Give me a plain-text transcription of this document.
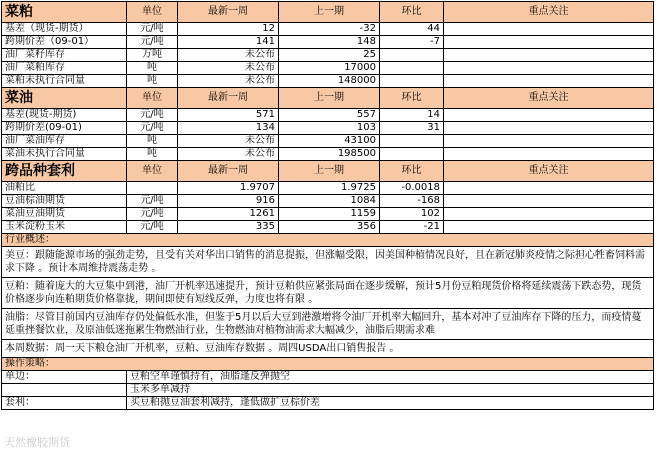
菜粕	单位	最新一周	上一期	环比	重点关注
基差（现货-期货）	元/吨	12	-32	44	
跨期价差（09-01）	元/吨	141	148	-7	
油厂菜籽库存	万吨	未公布	25		
油厂菜粕库存	吨	未公布	17000		
菜粕未执行合同量	吨	未公布	148000		
菜油	单位	最新一周	上一期	环比	重点关注
基差(现货-期货)	元/吨	571	557	14	
跨期价差(09-01)	元/吨	134	103	31	
油厂菜油库存	吨	未公布	43100		
菜油未执行合同量	吨	未公布	198500		
跨品种套利	单位	最新一周	上一期	环比	重点关注
油粕比		1.9707	1.9725	-0.0018	
豆油棕油期货	元/吨	916	1084	-168	
菜油豆油期货	元/吨	1261	1159	102	
玉米淀粉玉米	元/吨	335	356	-21	
行业概述：					
美豆：跟随能源市场的强劲走势，且受有关对华出口销售的消息提振，但涨幅受限，因美国种植情况良好，且在新冠肺炎疫情之际担心牲畜饲料需求下降 。预计本周维持震荡走势 。					
豆粕：随着庞大的大豆集中到港，油厂开机率迅速提升，预计豆粕供应紧张局面在逐步缓解，预计5月份豆粕现货价格将延续震荡下跌态势，现货价格逐步向连粕期货价格靠拢，期间即使有短线反弹，力度也将有限 。					
油脂：尽管目前国内豆油库存仍处偏低水准，但鉴于5月以后大豆到港激增将令油厂开机率大幅回升，基本对冲了豆油库存下降的压力，而疫情蔓延重挫餐饮业，及原油低迷拖累生物燃油行业，生物燃油对植物油需求大幅减少，油脂后期需求难					
本周数据：周一天下粮仓油厂开机率，豆粕、豆油库存数据 。周四USDA出口销售报告 。					
操作策略：					
单边：	豆粕空单谨慎持有，油脂逢反弹抛空				
	玉米多单减持				
套利：	买豆粕抛豆油套利减持，逢低做扩豆棕价差				
天然橡胶期货
